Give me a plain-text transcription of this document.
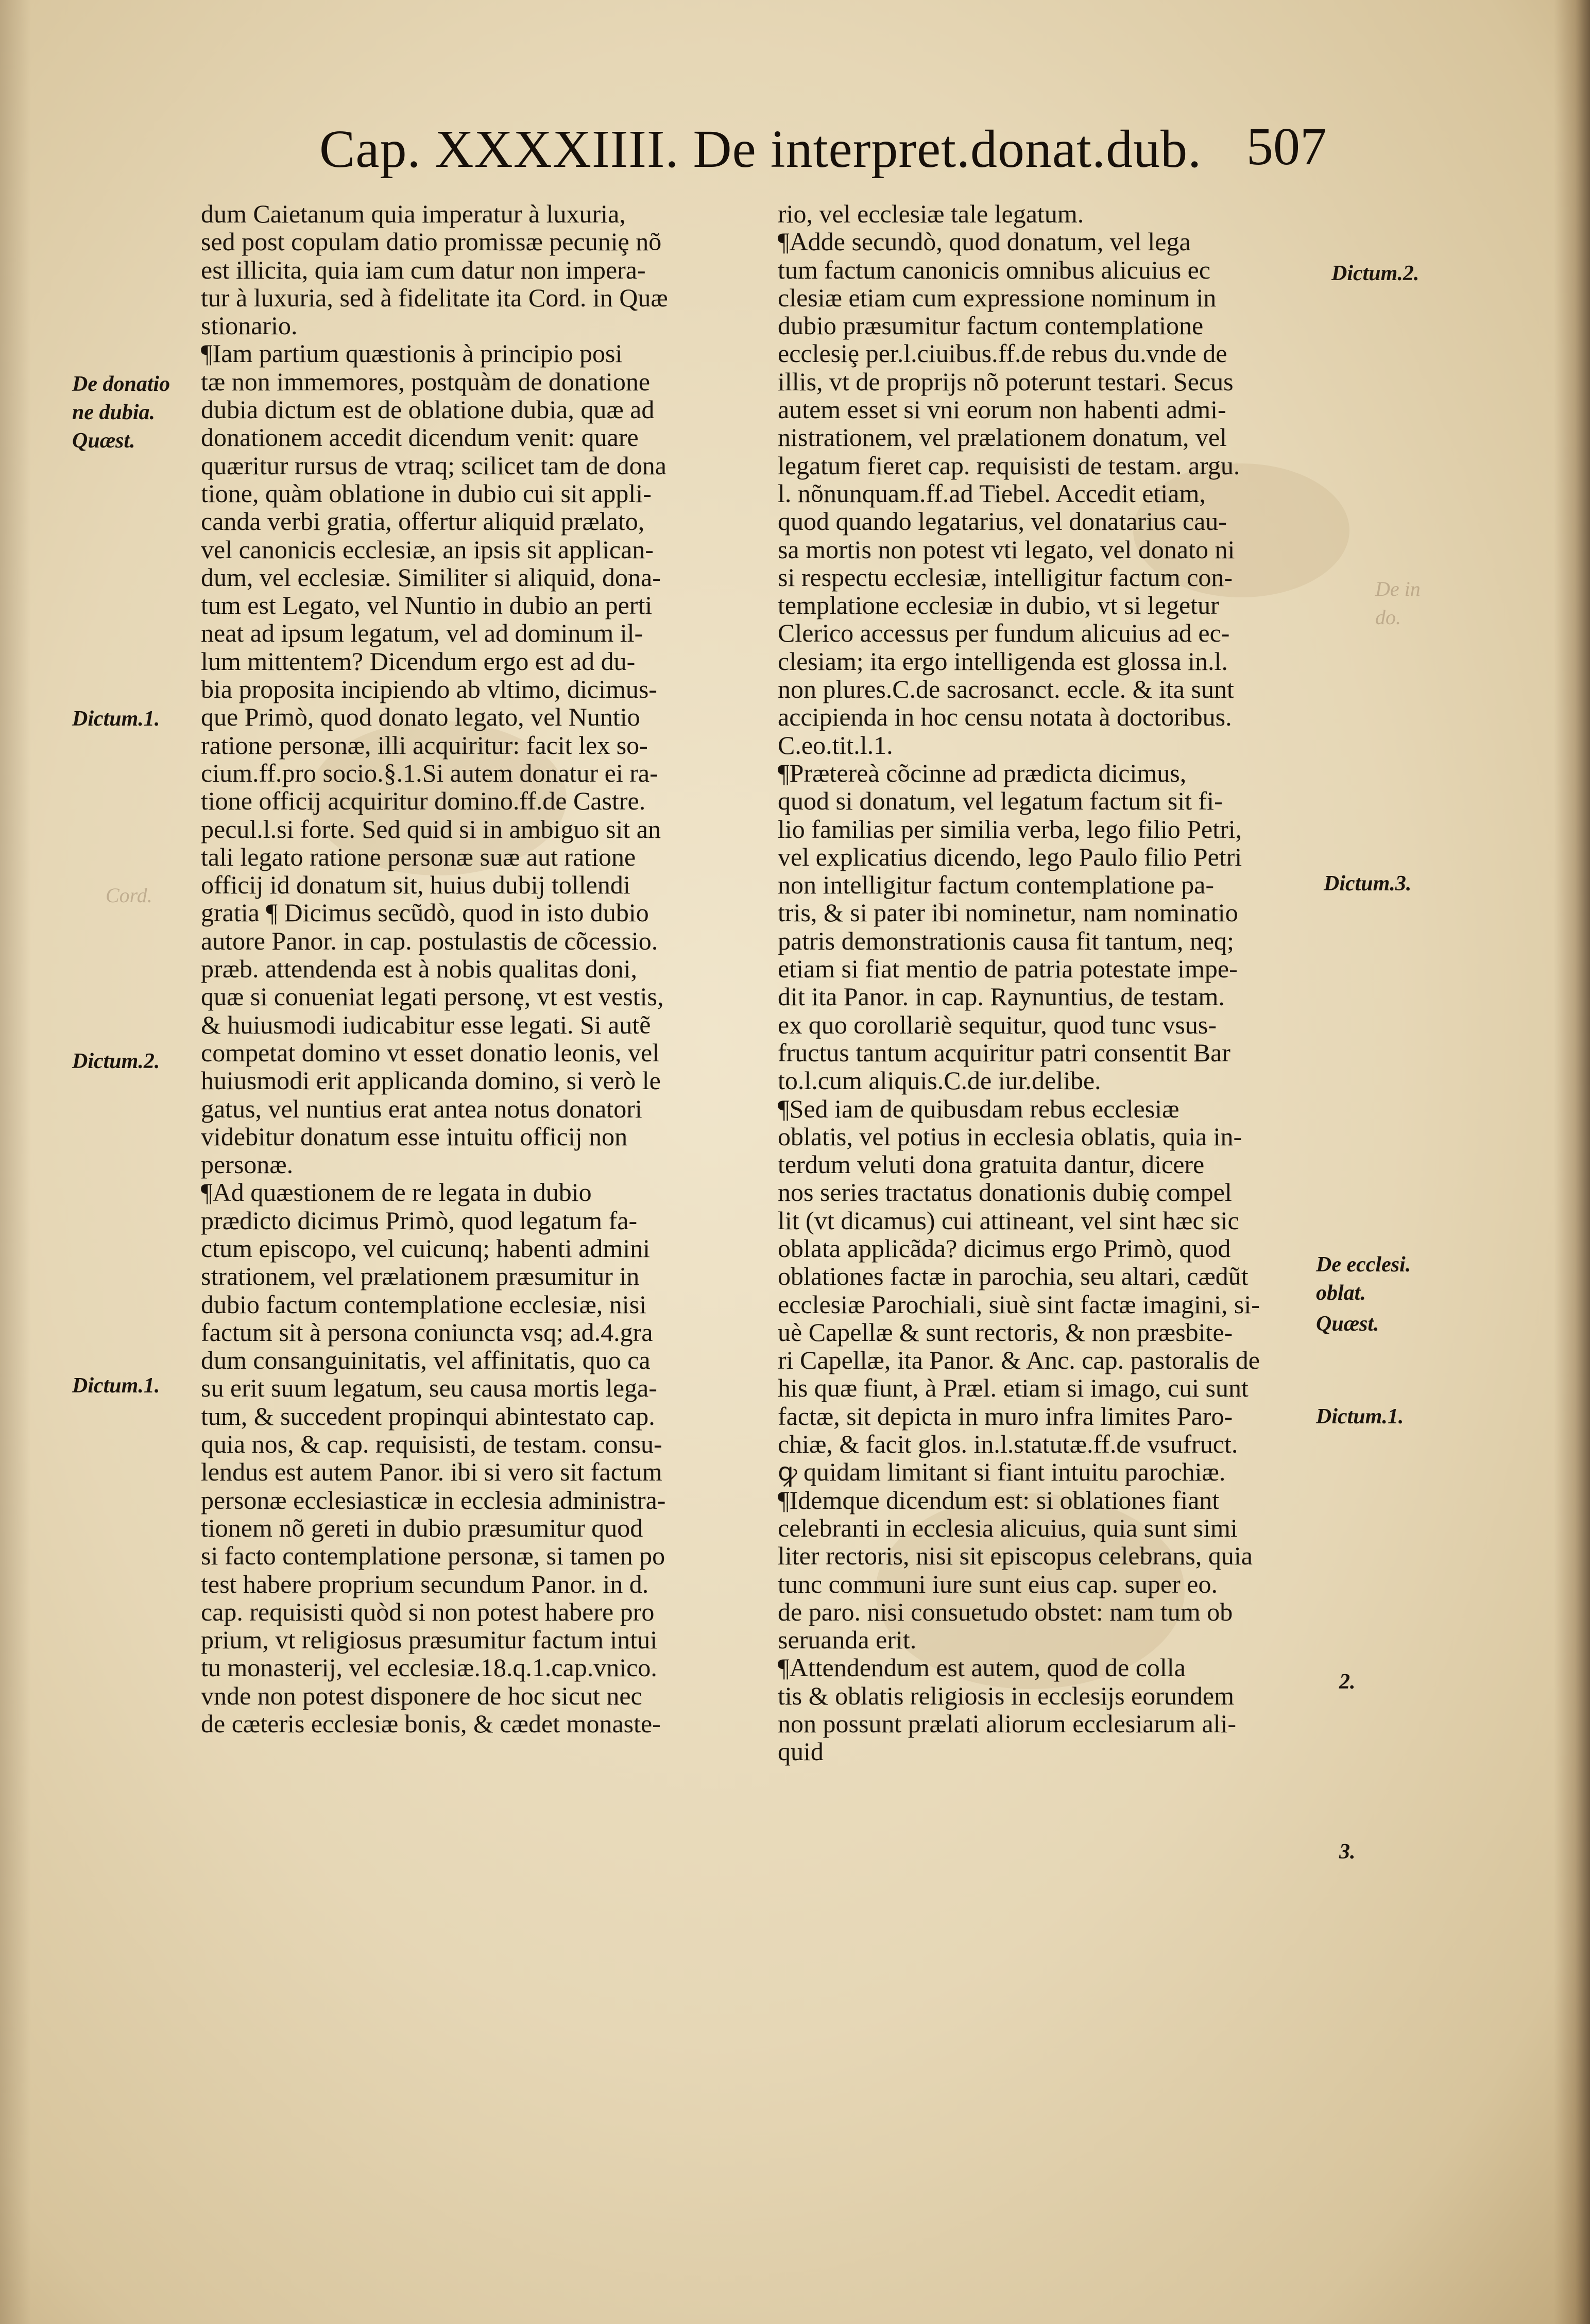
Cap. XXXXIIII. De interpret.donat.dub. 507
dum Caietanum quia imperatur à luxuria,
sed post copulam datio promissæ pecuniȩ nõ
est illicita, quia iam cum datur non impera-
tur à luxuria, sed à fidelitate ita Cord. in Quæ
stionario.
¶Iam partium quæstionis à principio posi
tæ non immemores, postquàm de donatione
dubia dictum est de oblatione dubia, quæ ad
donationem accedit dicendum venit: quare
quæritur rursus de vtraq; scilicet tam de dona
tione, quàm oblatione in dubio cui sit appli-
canda verbi gratia, offertur aliquid prælato,
vel canonicis ecclesiæ, an ipsis sit applican-
dum, vel ecclesiæ. Similiter si aliquid, dona-
tum est Legato, vel Nuntio in dubio an perti
neat ad ipsum legatum, vel ad dominum il-
lum mittentem? Dicendum ergo est ad du-
bia proposita incipiendo ab vltimo, dicimus-
que Primò, quod donato legato, vel Nuntio
ratione personæ, illi acquiritur: facit lex so-
cium.ff.pro socio.§.1.Si autem donatur ei ra-
tione officij acquiritur domino.ff.de Castre.
pecul.l.si forte. Sed quid si in ambiguo sit an
tali legato ratione personæ suæ aut ratione
officij id donatum sit, huius dubij tollendi
gratia ¶ Dicimus secũdò, quod in isto dubio
autore Panor. in cap. postulastis de cõcessio.
præb. attendenda est à nobis qualitas doni,
quæ si conueniat legati personȩ, vt est vestis,
& huiusmodi iudicabitur esse legati. Si autẽ
competat domino vt esset donatio leonis, vel
huiusmodi erit applicanda domino, si verò le
gatus, vel nuntius erat antea notus donatori
videbitur donatum esse intuitu officij non
personæ.
¶Ad quæstionem de re legata in dubio
prædicto dicimus Primò, quod legatum fa-
ctum episcopo, vel cuicunq; habenti admini
strationem, vel prælationem præsumitur in
dubio factum contemplatione ecclesiæ, nisi
factum sit à persona coniuncta vsq; ad.4.gra
dum consanguinitatis, vel affinitatis, quo ca
su erit suum legatum, seu causa mortis lega-
tum, & succedent propinqui abintestato cap.
quia nos, & cap. requisisti, de testam. consu-
lendus est autem Panor. ibi si vero sit factum
personæ ecclesiasticæ in ecclesia administra-
tionem nõ gereti in dubio præsumitur quod
si facto contemplatione personæ, si tamen po
test habere proprium secundum Panor. in d.
cap. requisisti quòd si non potest habere pro
prium, vt religiosus præsumitur factum intui
tu monasterij, vel ecclesiæ.18.q.1.cap.vnico.
vnde non potest disponere de hoc sicut nec
de cæteris ecclesiæ bonis, & cædet monaste-
rio, vel ecclesiæ tale legatum.
¶Adde secundò, quod donatum, vel lega
tum factum canonicis omnibus alicuius ec
clesiæ etiam cum expressione nominum in
dubio præsumitur factum contemplatione
ecclesiȩ per.l.ciuibus.ff.de rebus du.vnde de
illis, vt de proprijs nõ poterunt testari. Secus
autem esset si vni eorum non habenti admi-
nistrationem, vel prælationem donatum, vel
legatum fieret cap. requisisti de testam. argu.
l. nõnunquam.ff.ad Tiebel. Accedit etiam,
quod quando legatarius, vel donatarius cau-
sa mortis non potest vti legato, vel donato ni
si respectu ecclesiæ, intelligitur factum con-
templatione ecclesiæ in dubio, vt si legetur
Clerico accessus per fundum alicuius ad ec-
clesiam; ita ergo intelligenda est glossa in.l.
non plures.C.de sacrosanct. eccle. & ita sunt
accipienda in hoc censu notata à doctoribus.
C.eo.tit.l.1.
¶Prætereà cõcinne ad prædicta dicimus,
quod si donatum, vel legatum factum sit fi-
lio familias per similia verba, lego filio Petri,
vel explicatius dicendo, lego Paulo filio Petri
non intelligitur factum contemplatione pa-
tris, & si pater ibi nominetur, nam nominatio
patris demonstrationis causa fit tantum, neq;
etiam si fiat mentio de patria potestate impe-
dit ita Panor. in cap. Raynuntius, de testam.
ex quo corollariè sequitur, quod tunc vsus-
fructus tantum acquiritur patri consentit Bar
to.l.cum aliquis.C.de iur.delibe.
¶Sed iam de quibusdam rebus ecclesiæ
oblatis, vel potius in ecclesia oblatis, quia in-
terdum veluti dona gratuita dantur, dicere
nos series tractatus donationis dubiȩ compel
lit (vt dicamus) cui attineant, vel sint hæc sic
oblata applicãda? dicimus ergo Primò, quod
oblationes factæ in parochia, seu altari, cædũt
ecclesiæ Parochiali, siuè sint factæ imagini, si-
uè Capellæ & sunt rectoris, & non præsbite-
ri Capellæ, ita Panor. & Anc. cap. pastoralis de
his quæ fiunt, à Præl. etiam si imago, cui sunt
factæ, sit depicta in muro infra limites Paro-
chiæ, & facit glos. in.l.statutæ.ff.de vsufruct.
ꝙ quidam limitant si fiant intuitu parochiæ.
¶Idemque dicendum est: si oblationes fiant
celebranti in ecclesia alicuius, quia sunt simi
liter rectoris, nisi sit episcopus celebrans, quia
tunc communi iure sunt eius cap. super eo.
de paro. nisi consuetudo obstet: nam tum ob
seruanda erit.
¶Attendendum est autem, quod de colla
tis & oblatis religiosis in ecclesijs eorundem
non possunt prælati aliorum ecclesiarum ali-
quid
De donatio
ne dubia.
Quæst.
Dictum.1.
Dictum.2.
Dictum.1.
Dictum.2.
Dictum.3.
De ecclesi.
oblat.
Quæst.
Dictum.1.
2.
3.
Cord.
De in
do.
